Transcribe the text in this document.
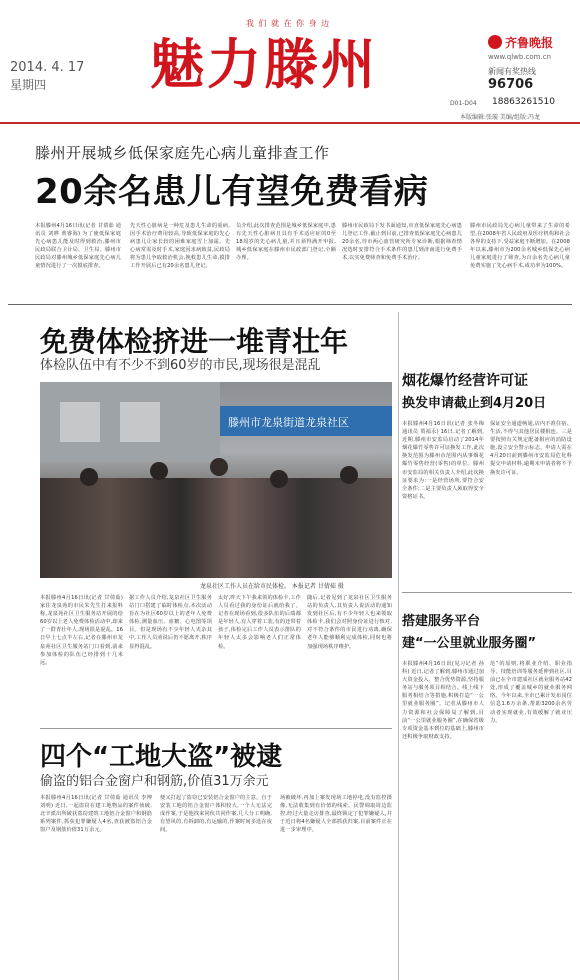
我 们 就 在 你 身 边
魅力滕州
2014. 4. 17
星期四
齐鲁晚报
www.qlwb.com.cn
新闻有奖热线
96706
D01-D04 18863261510
本版编辑:张璇 美编/组版:冯龙
滕州开展城乡低保家庭先心病儿童排查工作
20余名患儿有望免费看病

本报滕州4月16日讯(记者 甘倩茹 通讯员 刘晔 黄睿海) 为了使低保家庭先心病患儿能及时得到救治,滕州市民政局联合卫计局、卫生局、滕州市民政局对滕州城乡低保家庭先心病儿童情况进行了一次摸底排查。

先天性心脏病是一种危及患儿生命的重病,因手术治疗费用较高,导致低保家庭的先心病患儿让家长较的困难家庭雪上加霜。先心病常需及时手术,家庭因求病致贫,民政局将为患儿争取救治机会,挽救患儿生命,摸排工作开展后已有20余名患儿登记。

员介绍,此次排查范围是城乡低保家庭中,患有先天性心脏病且具有手术适应症的0至18周岁的先心病儿童,并且须得满开申报,城乡低保家庭在滕州市民政部门登记,全额办理。

滕州市民政局下发书面通知,市直低保家庭先心病患儿登记工作,截止到目前,已排查低保家庭先心病患儿20余名,待市两心血管研究所专家诊断,根据筛查情况选时安排符合手术条件的患儿到济南进行免费手术,以实免费筛查和免费手术治疗。

滕州市民政局先心病儿童带来了生命的希望,在2008年省人民政府及医疗机构和社会各界的支持下,受益家庭不断增加。在2008年以来,滕州市为200余名城乡低保先心病儿童家庭进行了筛查,为百余名先心病儿童免费实施了先心病手术,成功率为100%。

免费体检挤进一堆青壮年
体检队伍中有不少不到60岁的市民,现场很是混乱
滕州市龙泉街道龙泉社区
龙泉社区工作人员在给市民体检。 本报记者 甘倩茹 摄

本报滕州4月16日讯(记者 甘倩茹) 家住龙泉苑的市民朱先生打来报料称,龙泉苑社区卫生服务站开展的给60岁以上老人免费体检活动中,却来了一群青壮年人,现场很是混乱。16日早上七点半左右,记者在滕州市龙泉苑社区卫生服务站门口看到,前来参加体检的队伍已经排到十几米远。

据工作人员介绍,龙泉社区卫生服务站门口搭建了临时体检点,本次活动旨在为社区60岁以上的老年人免费体检,测量血压、血糖、心电图等项目。但是现场有不少年轻人夹杂其中,工作人员劝说后仍不愿离开,秩序显得混乱。

太好,昨天下午我来领的体检卡,工作人员看过我的身份证后就给我了。记者在现场看到,很多队伍的后端都是年轻人,有人穿着工装,有的还带着孩子,体检完后工作人员表示排队的年轻人太多会影响老人们正常体检。

随后,记者见到了龙泉社区卫生服务站的负责人,其负责人说活动的通知发到社区后,有不少年轻人也来领取体检卡,我们会对照身份证进行核对,对不符合条件的市民进行劝离,确保老年人能够顺利完成体检,同时也将加强现场秩序维护。

烟花爆竹经营许可证
换发申请截止到4月20日

本报滕州4月16日讯(记者 张冬梅 通讯员 贾福永) 16日,记者了解到,近期,滕州市安监局启动了2014年烟花爆竹零售许可证换发工作,此次换发范围为滕州市范围内从事烟花爆竹零售经营(零售)的单位。滕州市安监局的相关负责人介绍,此次换证要求为:一是经营场所,要符合安全条件;二是主要负责人须取得安全资格证书。

保证安全通道畅通,店内不准住宿、生活,不得与其他居民楼相连。三是要按照有关规定配备相应的消防设施,设立安全警示标志。申请人需在4月20日前到滕州市安监局危化科提交申请材料,逾期未申请者将不予换发许可证。

搭建服务平台
建“一公里就业服务圈”

本报滕州4月16日讯(见习记者 孙科) 近日,记者了解到,滕州市通过加大资金投入、整合优势资源,坚持服务站与服务项目相结合、线上线下服务相结合等措施,积极打造“一公里就业服务圈”。记者从滕州市人力资源和社会保障局了解到,目前“一公里就业服务圈”,在确保省级专项资金基本到位的基础上,滕州市还积极争取财政支持。

范”的原则,将职业介绍、职业指导、技能培训等服务延伸到社区,目前已在全市建成社区就业服务站42处,形成了覆盖城乡的就业服务网络。今年以来,全市已累计发布岗位信息1.6万余条,帮助3200余名劳动者实现就业,有效缓解了就业压力。

四个“工地大盗”被逮
偷盗的铝合金窗户和钢筋,价值31万余元

本报滕州4月16日讯(记者 甘倩茹 通讯员 李博 刘明) 近日,一起盗窃在建工地物品的案件侦破,北辛派出所破获盗窃建筑工地铝合金窗户和钢筋系列案件,抓获犯罪嫌疑人4名,查获被盗铝合金窗户及钢筋价值31万余元。

便又打起了盗窃已安装铝合金窗户的主意。自于安装工地的铝合金窗户体积较大,一个人无法完成作案,于是他找来同伙共同作案,几人分工明确,有望风的,有拆卸的,有运输的,作案时间多选在夜间。

场被破坏,再加上案发现场工地停电,没有监控摄像,无法收集到有价值的线索。民警调取周边监控,经过大量走访排查,最终锁定了犯罪嫌疑人,并于近日将4名嫌疑人全部抓获归案,目前案件正在进一步审理中。
